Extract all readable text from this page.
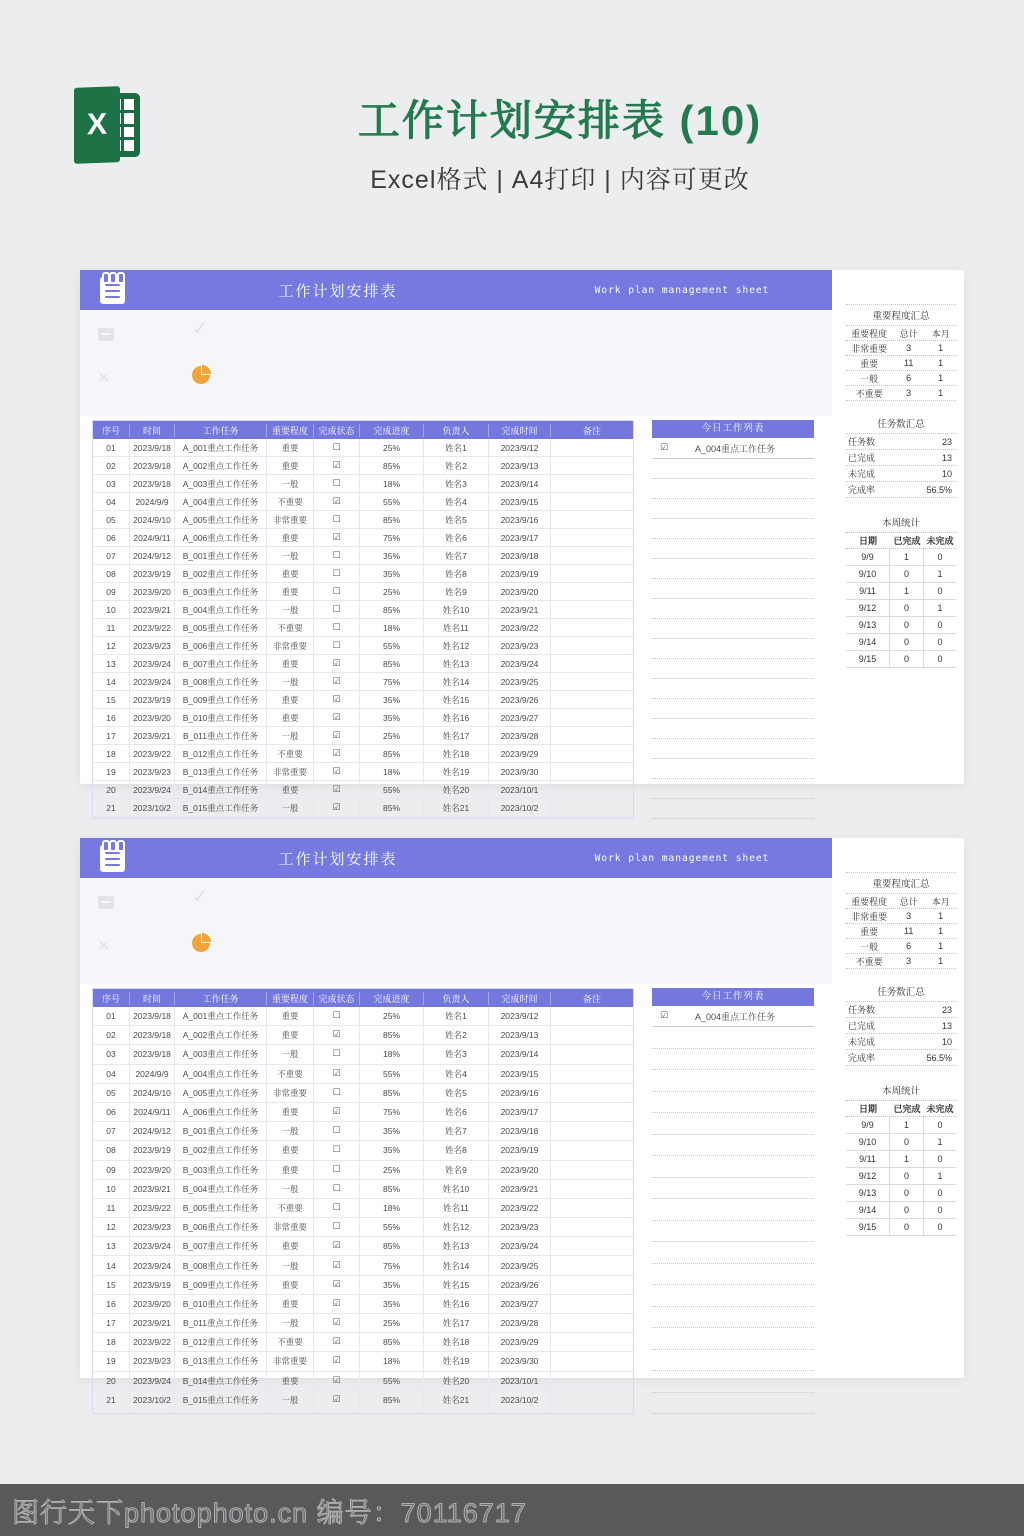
X	工作计划安排表 (10)

Excel格式 | A4打印 | 内容可更改

工作计划安排表	Work plan management sheet
✓
✕
序号	时间	工作任务	重要程度	完成状态	完成进度	负责人	完成时间	备注
01	2023/9/18	A_001重点工作任务	重要	☐	25%	姓名1	2023/9/12
02	2023/9/18	A_002重点工作任务	重要	☑	85%	姓名2	2023/9/13
03	2023/9/18	A_003重点工作任务	一般	☐	18%	姓名3	2023/9/14
04	2024/9/9	A_004重点工作任务	不重要	☑	55%	姓名4	2023/9/15
05	2024/9/10	A_005重点工作任务	非常重要	☐	85%	姓名5	2023/9/16
06	2024/9/11	A_006重点工作任务	重要	☑	75%	姓名6	2023/9/17
07	2024/9/12	B_001重点工作任务	一般	☐	35%	姓名7	2023/9/18
08	2023/9/19	B_002重点工作任务	重要	☐	35%	姓名8	2023/9/19
09	2023/9/20	B_003重点工作任务	重要	☐	25%	姓名9	2023/9/20
10	2023/9/21	B_004重点工作任务	一般	☐	85%	姓名10	2023/9/21
11	2023/9/22	B_005重点工作任务	不重要	☐	18%	姓名11	2023/9/22
12	2023/9/23	B_006重点工作任务	非常重要	☐	55%	姓名12	2023/9/23
13	2023/9/24	B_007重点工作任务	重要	☑	85%	姓名13	2023/9/24
14	2023/9/24	B_008重点工作任务	一般	☑	75%	姓名14	2023/9/25
15	2023/9/19	B_009重点工作任务	重要	☑	35%	姓名15	2023/9/26
16	2023/9/20	B_010重点工作任务	重要	☑	35%	姓名16	2023/9/27
17	2023/9/21	B_011重点工作任务	一般	☑	25%	姓名17	2023/9/28
18	2023/9/22	B_012重点工作任务	不重要	☑	85%	姓名18	2023/9/29
19	2023/9/23	B_013重点工作任务	非常重要	☑	18%	姓名19	2023/9/30
20	2023/9/24	B_014重点工作任务	重要	☑	55%	姓名20	2023/10/1
21	2023/10/2	B_015重点工作任务	一般	☑	85%	姓名21	2023/10/2
今日工作列表
☑	A_004重点工作任务
重要程度汇总
重要程度	总计	本月
非常重要	3	1
重要	11	1
一般	6	1
不重要	3	1
任务数汇总
任务数	23
已完成	13
未完成	10
完成率	56.5%
本周统计
日期	已完成 未完成
9/9	1	0
9/10	0	1
9/11	1	0
9/12	0	1
9/13	0	0
9/14	0	0
9/15	0	0
工作计划安排表	Work plan management sheet
✓
✕
序号	时间	工作任务	重要程度	完成状态	完成进度	负责人	完成时间	备注
01	2023/9/18	A_001重点工作任务	重要	☐	25%	姓名1	2023/9/12
02	2023/9/18	A_002重点工作任务	重要	☑	85%	姓名2	2023/9/13
03	2023/9/18	A_003重点工作任务	一般	☐	18%	姓名3	2023/9/14
04	2024/9/9	A_004重点工作任务	不重要	☑	55%	姓名4	2023/9/15
05	2024/9/10	A_005重点工作任务	非常重要	☐	85%	姓名5	2023/9/16
06	2024/9/11	A_006重点工作任务	重要	☑	75%	姓名6	2023/9/17
07	2024/9/12	B_001重点工作任务	一般	☐	35%	姓名7	2023/9/18
08	2023/9/19	B_002重点工作任务	重要	☐	35%	姓名8	2023/9/19
09	2023/9/20	B_003重点工作任务	重要	☐	25%	姓名9	2023/9/20
10	2023/9/21	B_004重点工作任务	一般	☐	85%	姓名10	2023/9/21
11	2023/9/22	B_005重点工作任务	不重要	☐	18%	姓名11	2023/9/22
12	2023/9/23	B_006重点工作任务	非常重要	☐	55%	姓名12	2023/9/23
13	2023/9/24	B_007重点工作任务	重要	☑	85%	姓名13	2023/9/24
14	2023/9/24	B_008重点工作任务	一般	☑	75%	姓名14	2023/9/25
15	2023/9/19	B_009重点工作任务	重要	☑	35%	姓名15	2023/9/26
16	2023/9/20	B_010重点工作任务	重要	☑	35%	姓名16	2023/9/27
17	2023/9/21	B_011重点工作任务	一般	☑	25%	姓名17	2023/9/28
18	2023/9/22	B_012重点工作任务	不重要	☑	85%	姓名18	2023/9/29
19	2023/9/23	B_013重点工作任务	非常重要	☑	18%	姓名19	2023/9/30
20	2023/9/24	B_014重点工作任务	重要	☑	55%	姓名20	2023/10/1
21	2023/10/2	B_015重点工作任务	一般	☑	85%	姓名21	2023/10/2
今日工作列表
☑	A_004重点工作任务
重要程度汇总
重要程度	总计	本月
非常重要	3	1
重要	11	1
一般	6	1
不重要	3	1
任务数汇总
任务数	23
已完成	13
未完成	10
完成率	56.5%
本周统计
日期	已完成 未完成
9/9	1	0
9/10	0	1
9/11	1	0
9/12	0	1
9/13	0	0
9/14	0	0
9/15	0	0
图行天下photophoto.cn 编号：70116717
